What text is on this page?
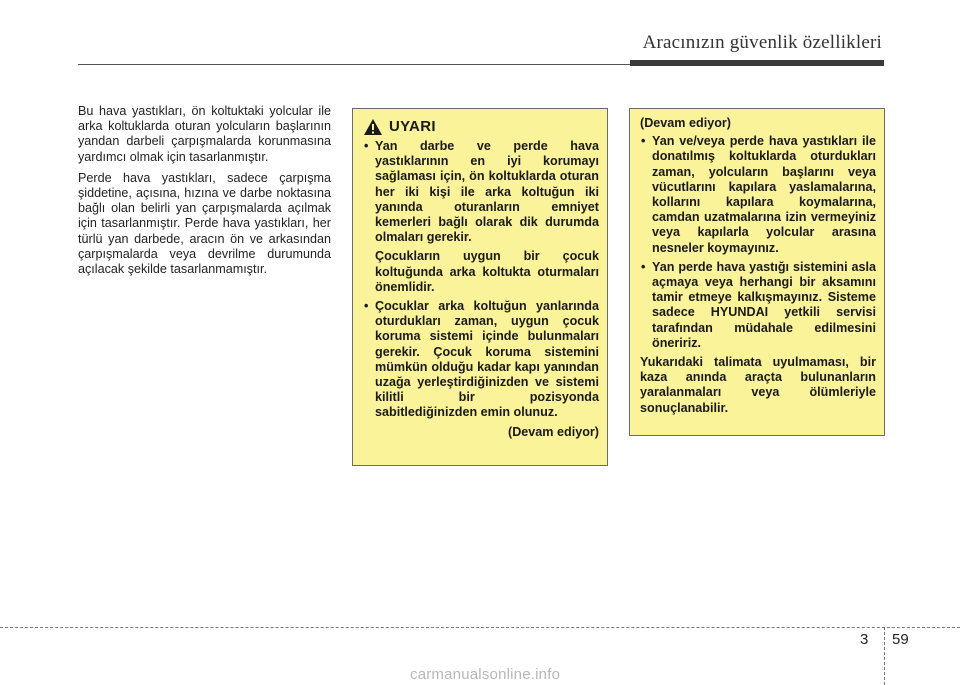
Aracınızın güvenlik özellikleri

Bu hava yastıkları, ön koltuktaki yolcular ile arka koltuklarda oturan yolcuların başlarının yandan darbeli çarpışmalarda korunmasına yardımcı olmak için tasarlanmıştır.

Perde hava yastıkları, sadece çarpışma şiddetine, açısına, hızına ve darbe noktasına bağlı olan belirli yan çarpışmalarda açılmak için tasarlanmıştır. Perde hava yastıkları, her türlü yan darbede, aracın ön ve arkasından çarpışmalarda veya devrilme durumunda açılacak şekilde tasarlanmamıştır.

UYARI
• Yan darbe ve perde hava yastıklarının en iyi korumayı sağlaması için, ön koltuklarda oturan her iki kişi ile arka koltuğun iki yanında oturanların emniyet kemerleri bağlı olarak dik durumda olmaları gerekir.
Çocukların uygun bir çocuk koltuğunda arka koltukta oturmaları önemlidir.
• Çocuklar arka koltuğun yanlarında oturdukları zaman, uygun çocuk koruma sistemi içinde bulunmaları gerekir. Çocuk koruma sistemini mümkün olduğu kadar kapı yanından uzağa yerleştirdiğinizden ve sistemi kilitli bir pozisyonda sabitlediğinizden emin olunuz.
(Devam ediyor)
(Devam ediyor)
• Yan ve/veya perde hava yastıkları ile donatılmış koltuklarda oturdukları zaman, yolcuların başlarını veya vücutlarını kapılara yaslamalarına, kollarını kapılara koymalarına, camdan uzatmalarına izin vermeyiniz veya kapılarla yolcular arasına nesneler koymayınız.
• Yan perde hava yastığı sistemini asla açmaya veya herhangi bir aksamını tamir etmeye kalkışmayınız. Sisteme sadece HYUNDAI yetkili servisi tarafından müdahale edilmesini öneririz.
Yukarıdaki talimata uyulmaması, bir kaza anında araçta bulunanların yaralanmaları veya ölümleriyle sonuçlanabilir.
3 59
carmanualsonline.info
